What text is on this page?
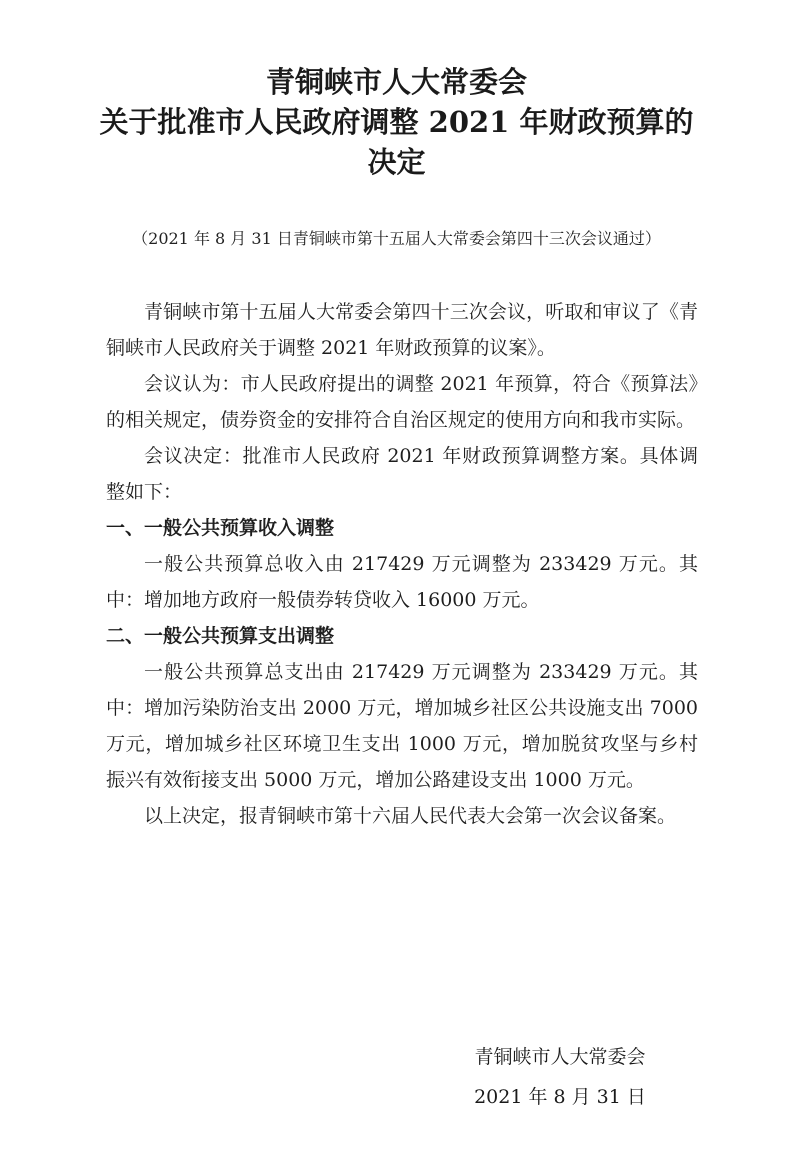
青铜峡市人大常委会
关于批准市人民政府调整 2021 年财政预算的
决定
（2021 年 8 月 31 日青铜峡市第十五届人大常委会第四十三次会议通过）

青铜峡市第十五届人大常委会第四十三次会议，听取和审议了《青铜峡市人民政府关于调整 2021 年财政预算的议案》。

会议认为：市人民政府提出的调整 2021 年预算，符合《预算法》的相关规定，债券资金的安排符合自治区规定的使用方向和我市实际。

会议决定：批准市人民政府 2021 年财政预算调整方案。具体调整如下：

一、一般公共预算收入调整

一般公共预算总收入由 217429 万元调整为 233429 万元。其中：增加地方政府一般债券转贷收入 16000 万元。

二、一般公共预算支出调整

一般公共预算总支出由 217429 万元调整为 233429 万元。其中：增加污染防治支出 2000 万元，增加城乡社区公共设施支出 7000 万元，增加城乡社区环境卫生支出 1000 万元，增加脱贫攻坚与乡村振兴有效衔接支出 5000 万元，增加公路建设支出 1000 万元。

以上决定，报青铜峡市第十六届人民代表大会第一次会议备案。

青铜峡市人大常委会
2021 年 8 月 31 日
